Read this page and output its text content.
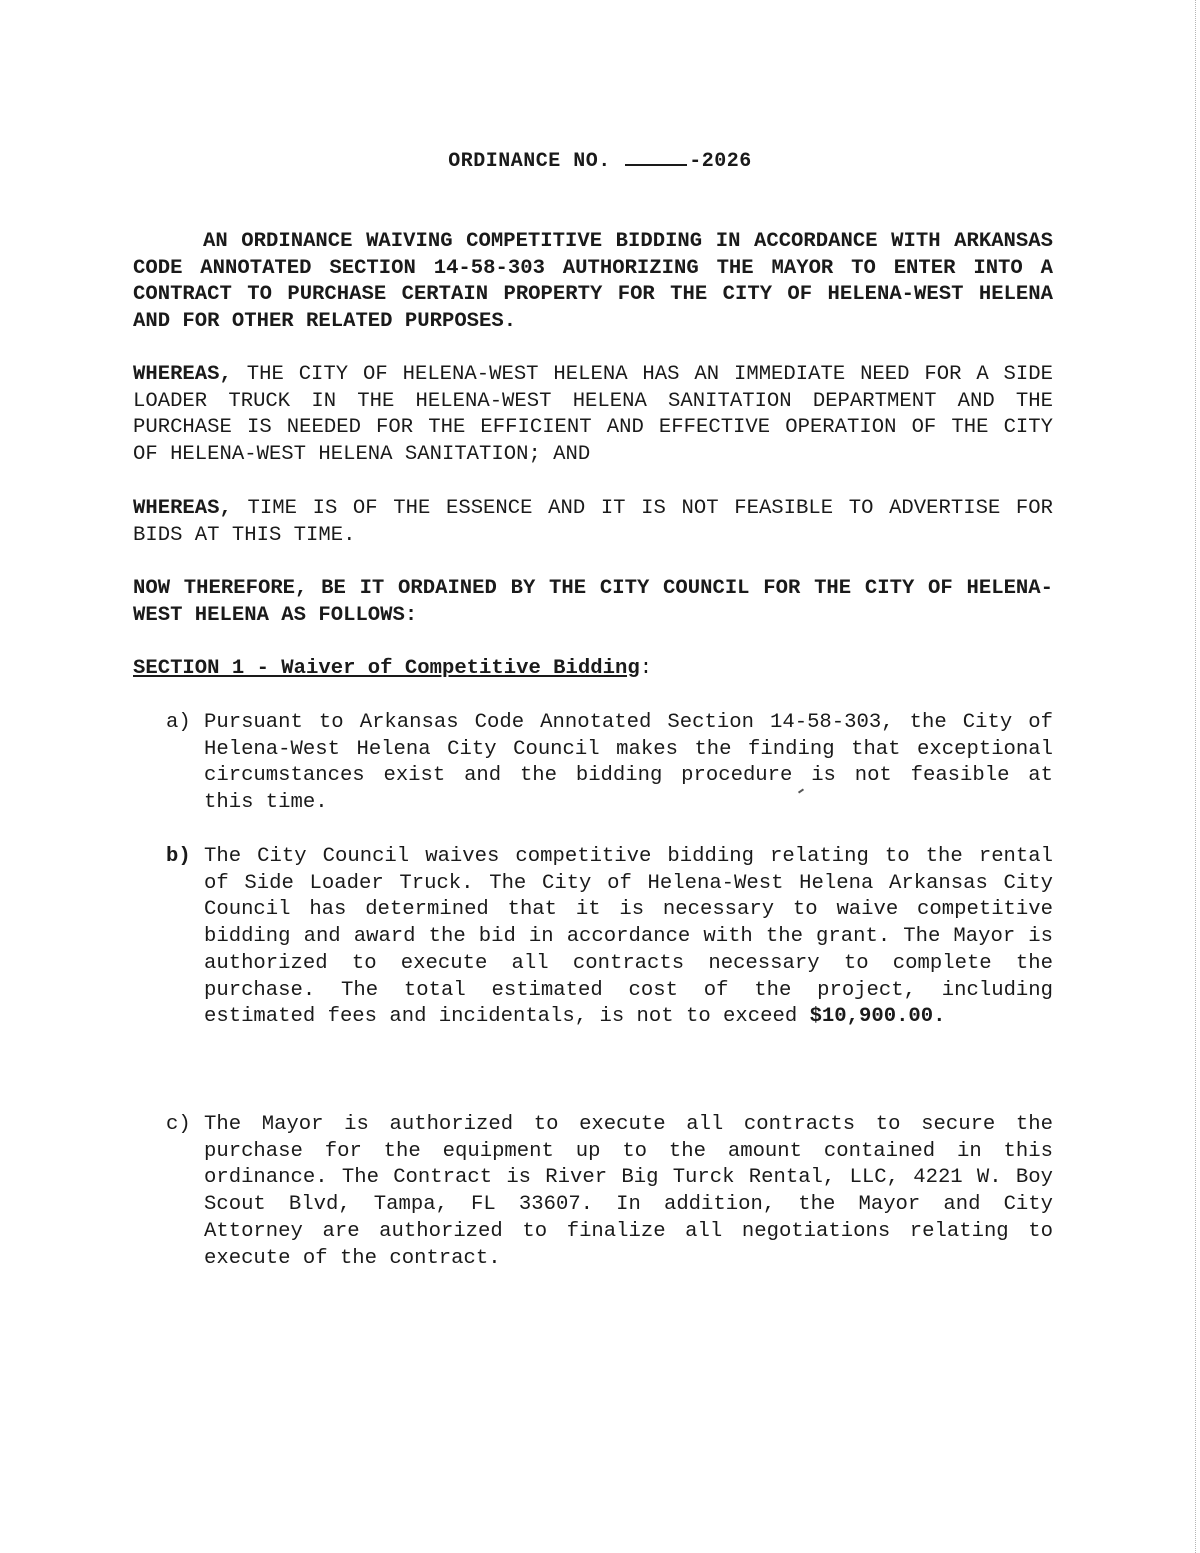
ORDINANCE NO.	-2026
AN ORDINANCE WAIVING COMPETITIVE BIDDING IN ACCORDANCE WITH ARKANSAS CODE ANNOTATED SECTION 14-58-303 AUTHORIZING THE MAYOR TO ENTER INTO A CONTRACT TO PURCHASE CERTAIN PROPERTY FOR THE CITY OF HELENA-WEST HELENA AND FOR OTHER RELATED PURPOSES.
WHEREAS, THE CITY OF HELENA-WEST HELENA HAS AN IMMEDIATE NEED FOR A SIDE LOADER TRUCK IN THE HELENA-WEST HELENA SANITATION DEPARTMENT AND THE PURCHASE IS NEEDED FOR THE EFFICIENT AND EFFECTIVE OPERATION OF THE CITY OF HELENA-WEST HELENA SANITATION; AND
WHEREAS, TIME IS OF THE ESSENCE AND IT IS NOT FEASIBLE TO ADVERTISE FOR BIDS AT THIS TIME.
NOW THEREFORE, BE IT ORDAINED BY THE CITY COUNCIL FOR THE CITY OF HELENA-WEST HELENA AS FOLLOWS:
SECTION 1 - Waiver of Competitive Bidding:
a) Pursuant to Arkansas Code Annotated Section 14-58-303, the City of Helena-West Helena City Council makes the finding that exceptional circumstances exist and the bidding procedure is not feasible at this time.
b) The City Council waives competitive bidding relating to the rental of Side Loader Truck. The City of Helena-West Helena Arkansas City Council has determined that it is necessary to waive competitive bidding and award the bid in accordance with the grant. The Mayor is authorized to execute all contracts necessary to complete the purchase. The total estimated cost of the project, including estimated fees and incidentals, is not to exceed $10,900.00.
c) The Mayor is authorized to execute all contracts to secure the purchase for the equipment up to the amount contained in this ordinance. The Contract is River Big Turck Rental, LLC, 4221 W. Boy Scout Blvd, Tampa, FL 33607. In addition, the Mayor and City Attorney are authorized to finalize all negotiations relating to execute of the contract.
